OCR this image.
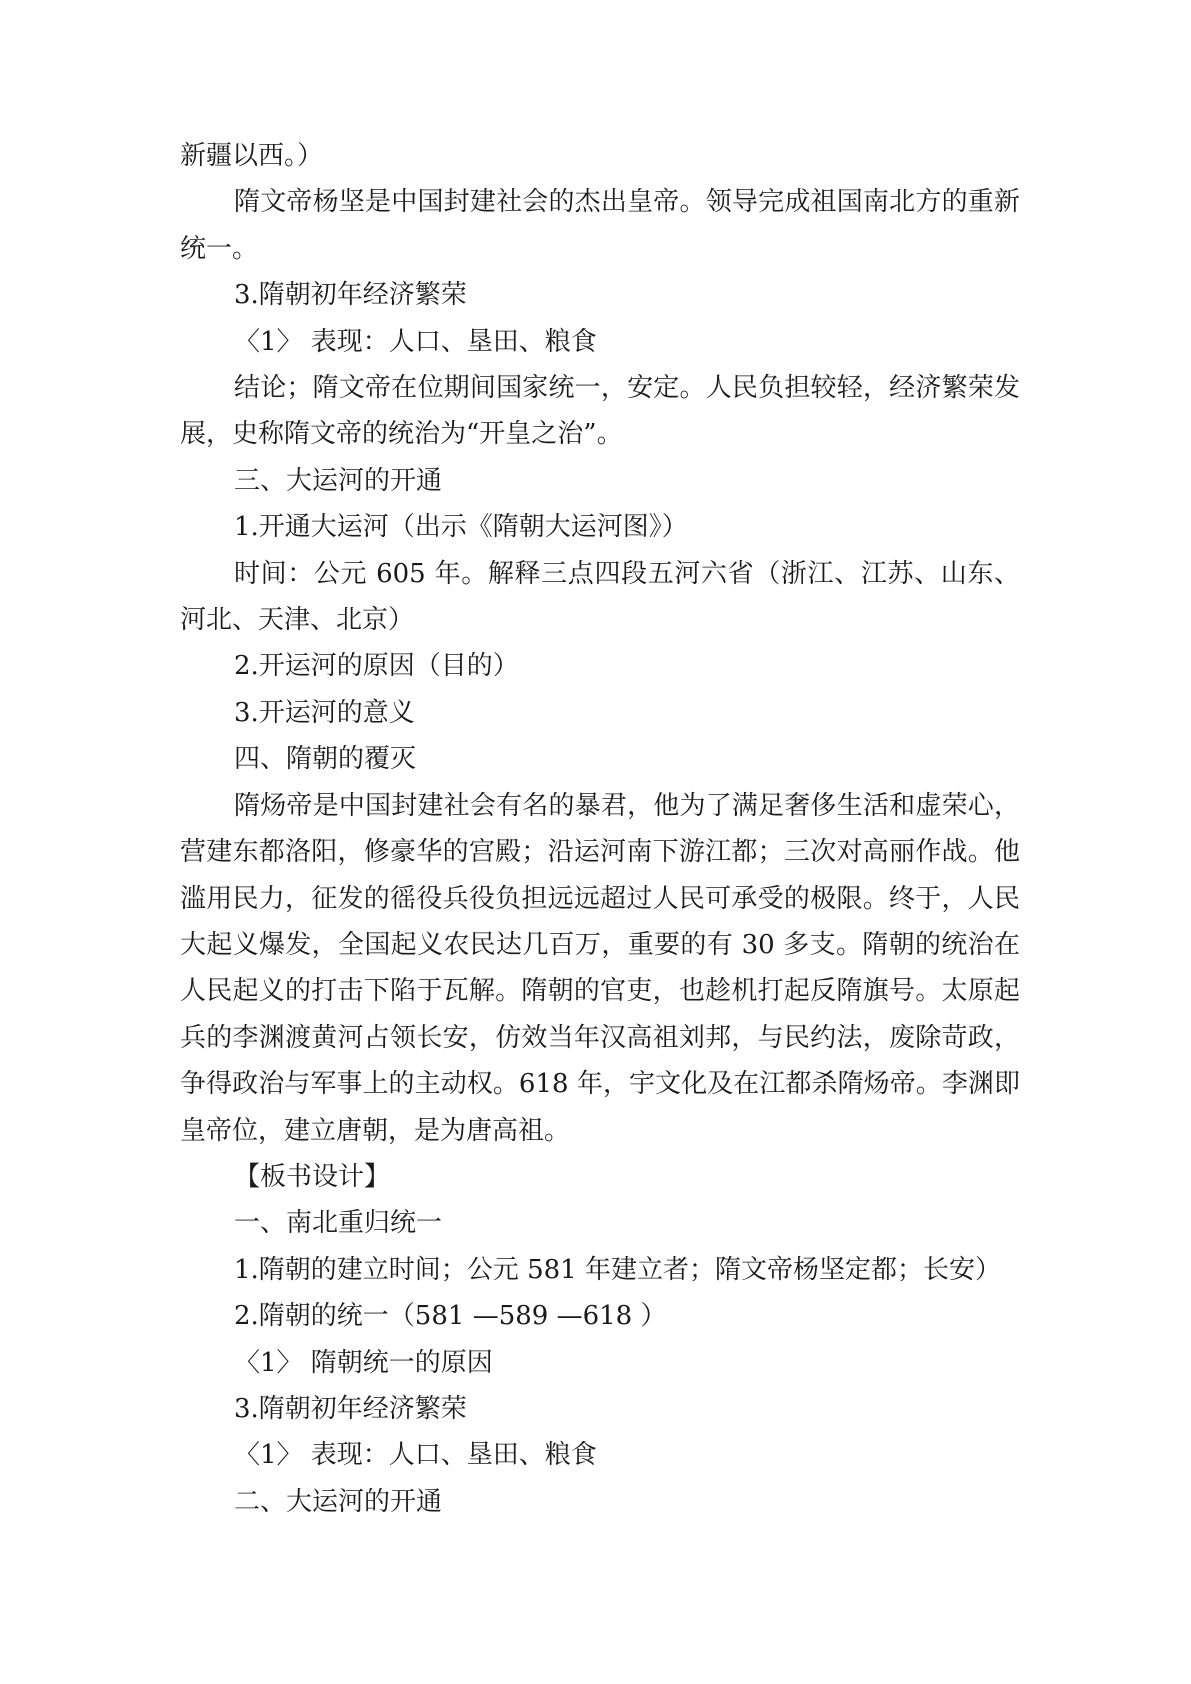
新疆以西。）

隋文帝杨坚是中国封建社会的杰出皇帝。领导完成祖国南北方的重新统一。

3.隋朝初年经济繁荣

〈1〉 表现：人口、垦田、粮食

结论；隋文帝在位期间国家统一，安定。人民负担较轻，经济繁荣发展，史称隋文帝的统治为“开皇之治”。

三、大运河的开通

1.开通大运河（出示《隋朝大运河图》）

时间：公元 605 年。解释三点四段五河六省（浙江、江苏、山东、河北、天津、北京）

2.开运河的原因（目的）

3.开运河的意义

四、隋朝的覆灭

隋炀帝是中国封建社会有名的暴君，他为了满足奢侈生活和虚荣心，营建东都洛阳，修豪华的宫殿；沿运河南下游江都；三次对高丽作战。他滥用民力，征发的徭役兵役负担远远超过人民可承受的极限。终于，人民大起义爆发，全国起义农民达几百万，重要的有 30 多支。隋朝的统治在人民起义的打击下陷于瓦解。隋朝的官吏，也趁机打起反隋旗号。太原起兵的李渊渡黄河占领长安，仿效当年汉高祖刘邦，与民约法，废除苛政，争得政治与军事上的主动权。618 年，宇文化及在江都杀隋炀帝。李渊即皇帝位，建立唐朝，是为唐高祖。

【板书设计】

一、南北重归统一

1.隋朝的建立时间；公元 581 年建立者；隋文帝杨坚定都；长安）

2.隋朝的统一（581 —589 —618 ）

〈1〉 隋朝统一的原因

3.隋朝初年经济繁荣

〈1〉 表现：人口、垦田、粮食

二、大运河的开通
